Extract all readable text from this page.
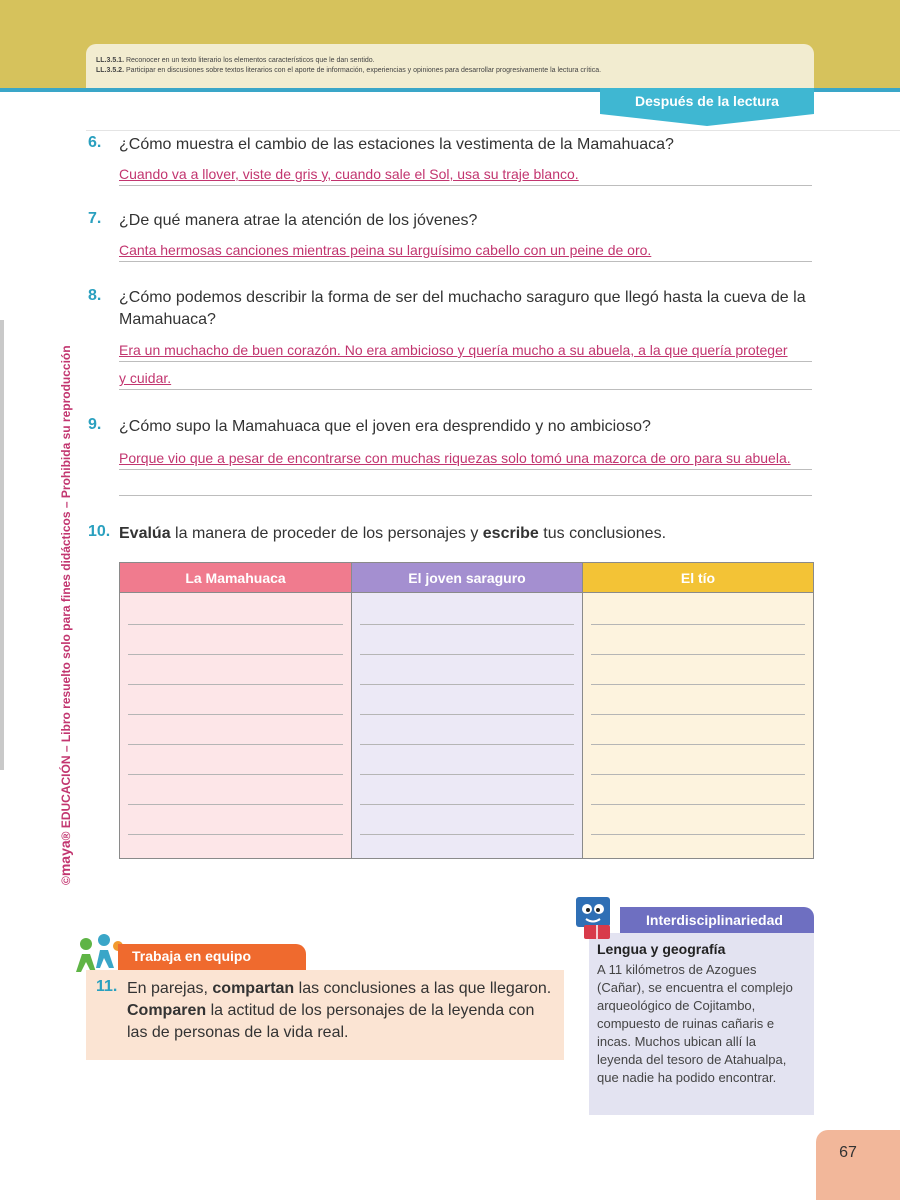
LL.3.5.1. Reconocer en un texto literario los elementos característicos que le dan sentido.
LL.3.5.2. Participar en discusiones sobre textos literarios con el aporte de información, experiencias y opiniones para desarrollar progresivamente la lectura crítica.
Después de la lectura
©maya® EDUCACIÓN – Libro resuelto solo para fines didácticos – Prohibida su reproducción
6. ¿Cómo muestra el cambio de las estaciones la vestimenta de la Mamahuaca?
Cuando va a llover, viste de gris y, cuando sale el Sol, usa su traje blanco.
7. ¿De qué manera atrae la atención de los jóvenes?
Canta hermosas canciones mientras peina su larguísimo cabello con un peine de oro.
8. ¿Cómo podemos describir la forma de ser del muchacho saraguro que llegó hasta la cueva de la Mamahuaca?
Era un muchacho de buen corazón. No era ambicioso y quería mucho a su abuela, a la que quería proteger
y cuidar.
9. ¿Cómo supo la Mamahuaca que el joven era desprendido y no ambicioso?
Porque vio que a pesar de encontrarse con muchas riquezas solo tomó una mazorca de oro para su abuela.
10. Evalúa la manera de proceder de los personajes y escribe tus conclusiones.
La Mamahuaca	El joven saraguro	El tío
Trabaja en equipo
11. En parejas, compartan las conclusiones a las que llegaron. Comparen la actitud de los personajes de la leyenda con las de personas de la vida real.
Lengua y geografía
A 11 kilómetros de Azogues (Cañar), se encuentra el complejo arqueológico de Cojitambo, compuesto de ruinas cañaris e incas. Muchos ubican allí la leyenda del tesoro de Atahualpa, que nadie ha podido encontrar.
Interdisciplinariedad
67
